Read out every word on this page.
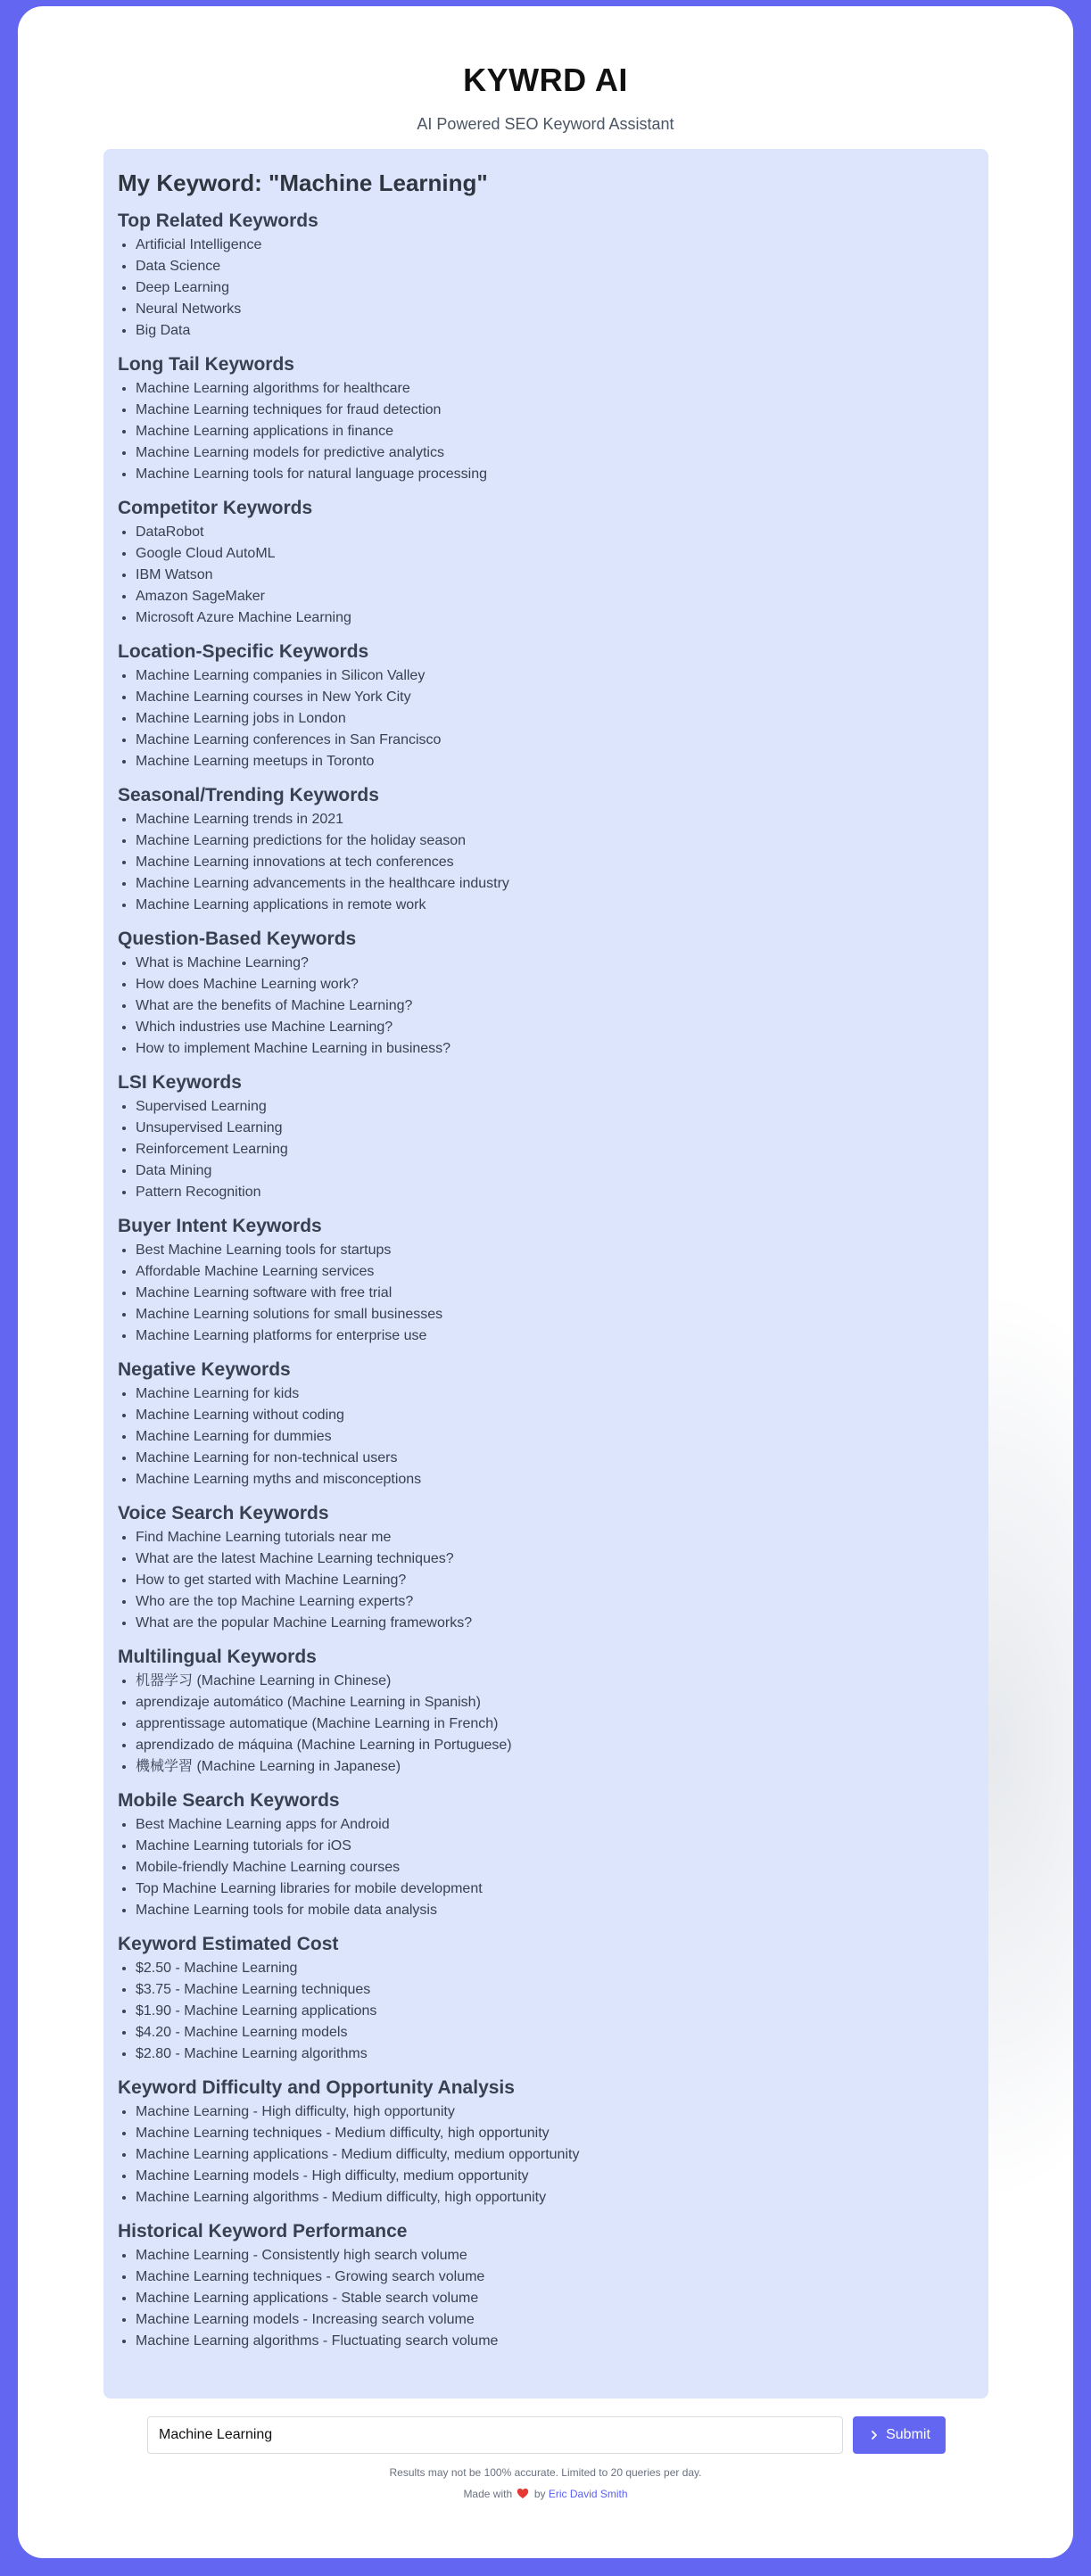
KYWRD AI
AI Powered SEO Keyword Assistant
My Keyword: "Machine Learning"
Top Related Keywords
• Artificial Intelligence
• Data Science
• Deep Learning
• Neural Networks
• Big Data
Long Tail Keywords
• Machine Learning algorithms for healthcare
• Machine Learning techniques for fraud detection
• Machine Learning applications in finance
• Machine Learning models for predictive analytics
• Machine Learning tools for natural language processing
Competitor Keywords
• DataRobot
• Google Cloud AutoML
• IBM Watson
• Amazon SageMaker
• Microsoft Azure Machine Learning
Location-Specific Keywords
• Machine Learning companies in Silicon Valley
• Machine Learning courses in New York City
• Machine Learning jobs in London
• Machine Learning conferences in San Francisco
• Machine Learning meetups in Toronto
Seasonal/Trending Keywords
• Machine Learning trends in 2021
• Machine Learning predictions for the holiday season
• Machine Learning innovations at tech conferences
• Machine Learning advancements in the healthcare industry
• Machine Learning applications in remote work
Question-Based Keywords
• What is Machine Learning?
• How does Machine Learning work?
• What are the benefits of Machine Learning?
• Which industries use Machine Learning?
• How to implement Machine Learning in business?
LSI Keywords
• Supervised Learning
• Unsupervised Learning
• Reinforcement Learning
• Data Mining
• Pattern Recognition
Buyer Intent Keywords
• Best Machine Learning tools for startups
• Affordable Machine Learning services
• Machine Learning software with free trial
• Machine Learning solutions for small businesses
• Machine Learning platforms for enterprise use
Negative Keywords
• Machine Learning for kids
• Machine Learning without coding
• Machine Learning for dummies
• Machine Learning for non-technical users
• Machine Learning myths and misconceptions
Voice Search Keywords
• Find Machine Learning tutorials near me
• What are the latest Machine Learning techniques?
• How to get started with Machine Learning?
• Who are the top Machine Learning experts?
• What are the popular Machine Learning frameworks?
Multilingual Keywords
• 机器学习 (Machine Learning in Chinese)
• aprendizaje automático (Machine Learning in Spanish)
• apprentissage automatique (Machine Learning in French)
• aprendizado de máquina (Machine Learning in Portuguese)
• 機械学習 (Machine Learning in Japanese)
Mobile Search Keywords
• Best Machine Learning apps for Android
• Machine Learning tutorials for iOS
• Mobile-friendly Machine Learning courses
• Top Machine Learning libraries for mobile development
• Machine Learning tools for mobile data analysis
Keyword Estimated Cost
• $2.50 - Machine Learning
• $3.75 - Machine Learning techniques
• $1.90 - Machine Learning applications
• $4.20 - Machine Learning models
• $2.80 - Machine Learning algorithms
Keyword Difficulty and Opportunity Analysis
• Machine Learning - High difficulty, high opportunity
• Machine Learning techniques - Medium difficulty, high opportunity
• Machine Learning applications - Medium difficulty, medium opportunity
• Machine Learning models - High difficulty, medium opportunity
• Machine Learning algorithms - Medium difficulty, high opportunity
Historical Keyword Performance
• Machine Learning - Consistently high search volume
• Machine Learning techniques - Growing search volume
• Machine Learning applications - Stable search volume
• Machine Learning models - Increasing search volume
• Machine Learning algorithms - Fluctuating search volume
Machine Learning
Submit
Results may not be 100% accurate. Limited to 20 queries per day.
Made with by Eric David Smith
